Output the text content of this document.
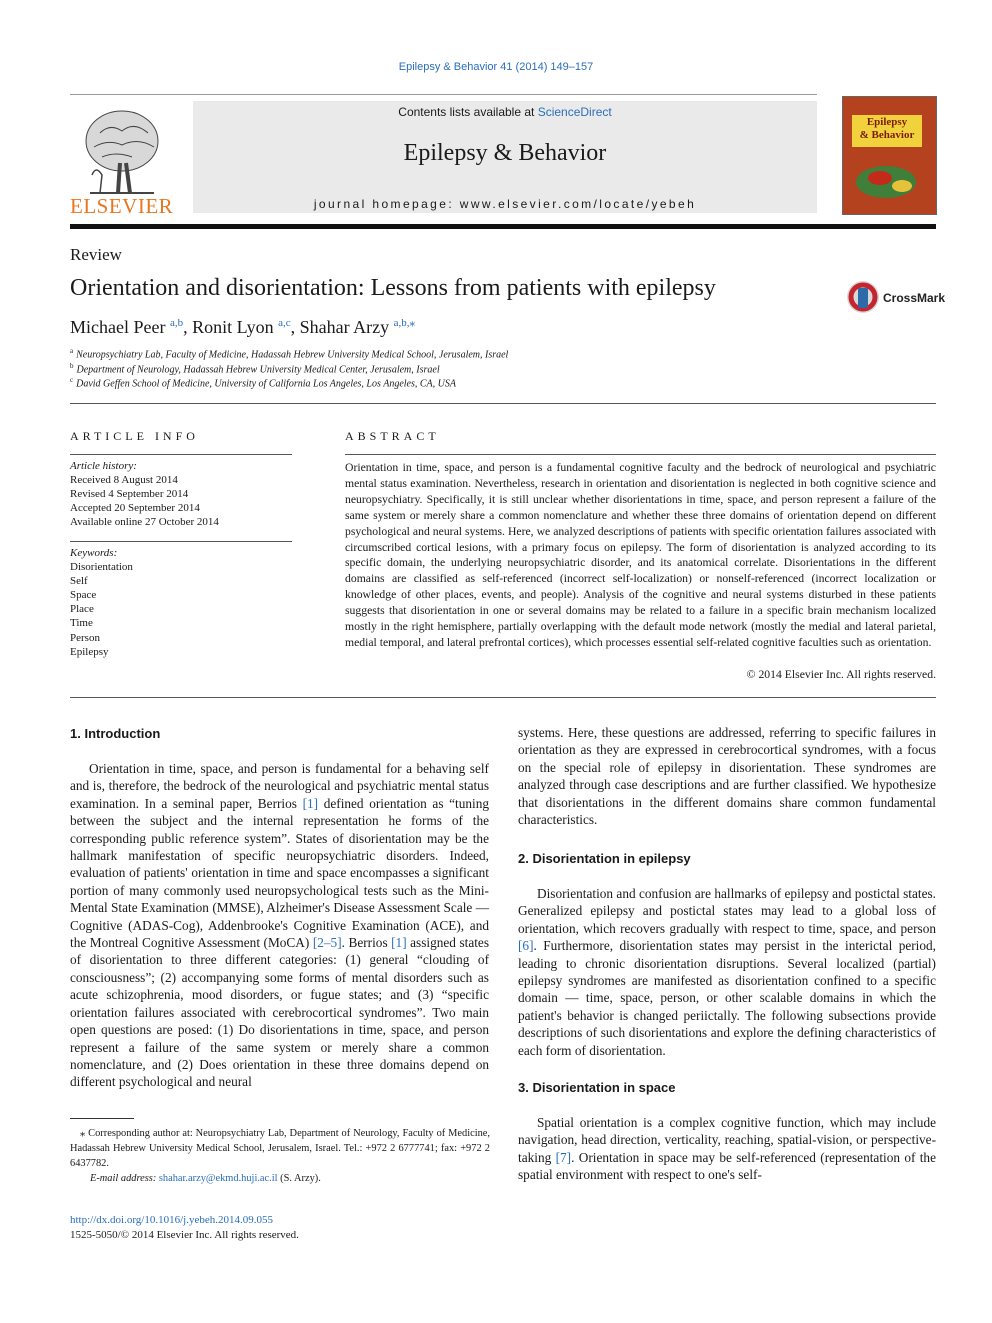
Epilepsy & Behavior 41 (2014) 149–157
Contents lists available at ScienceDirect
Epilepsy & Behavior
journal homepage: www.elsevier.com/locate/yebeh
ELSEVIER
Epilepsy
& Behavior
Review
Orientation and disorientation: Lessons from patients with epilepsy	CrossMark
Michael Peer $^{a,b}$, Ronit Lyon $^{a,c}$, Shahar Arzy $^{a,b,⁎}$
$^a$ Neuropsychiatry Lab, Faculty of Medicine, Hadassah Hebrew University Medical School, Jerusalem, Israel
$^b$ Department of Neurology, Hadassah Hebrew University Medical Center, Jerusalem, Israel
$^c$ David Geffen School of Medicine, University of California Los Angeles, Los Angeles, CA, USA
ARTICLE INFO
Article history:
Received 8 August 2014
Revised 4 September 2014
Accepted 20 September 2014
Available online 27 October 2014
Keywords:
Disorientation
Self
Space
Place
Time
Person
Epilepsy
ABSTRACT
Orientation in time, space, and person is a fundamental cognitive faculty and the bedrock of neurological and psychiatric mental status examination. Nevertheless, research in orientation and disorientation is neglected in both cognitive science and neuropsychiatry. Specifically, it is still unclear whether disorientations in time, space, and person represent a failure of the same system or merely share a common nomenclature and whether these three domains of orientation depend on different psychological and neural systems. Here, we analyzed descriptions of patients with specific orientation failures associated with circumscribed cortical lesions, with a primary focus on epilepsy. The form of disorientation is analyzed according to its specific domain, the underlying neuropsychiatric disorder, and its anatomical correlate. Disorientations in the different domains are classified as self-referenced (incorrect self-localization) or nonself-referenced (incorrect localization or knowledge of other places, events, and people). Analysis of the cognitive and neural systems disturbed in these patients suggests that disorientation in one or several domains may be related to a failure in a specific brain mechanism localized mostly in the right hemisphere, partially overlapping with the default mode network (mostly the medial and lateral parietal, medial temporal, and lateral prefrontal cortices), which processes essential self-related cognitive faculties such as orientation.
© 2014 Elsevier Inc. All rights reserved.
1. Introduction

Orientation in time, space, and person is fundamental for a behaving self and is, therefore, the bedrock of the neurological and psychiatric mental status examination. In a seminal paper, Berrios [1] defined orientation as “tuning between the subject and the internal representation he forms of the corresponding public reference system”. States of disorientation may be the hallmark manifestation of specific neuropsychiatric disorders. Indeed, evaluation of patients' orientation in time and space encompasses a significant portion of many commonly used neuropsychological tests such as the Mini-Mental State Examination (MMSE), Alzheimer's Disease Assessment Scale — Cognitive (ADAS-Cog), Addenbrooke's Cognitive Examination (ACE), and the Montreal Cognitive Assessment (MoCA) [2–5]. Berrios [1] assigned states of disorientation to three different categories: (1) general “clouding of consciousness”; (2) accompanying some forms of mental disorders such as acute schizophrenia, mood disorders, or fugue states; and (3) “specific orientation failures associated with cerebrocortical syndromes”. Two main open questions are posed: (1) Do disorientations in time, space, and person represent a failure of the same system or merely share a common nomenclature, and (2) Does orientation in these three domains depend on different psychological and neural

⁎ Corresponding author at: Neuropsychiatry Lab, Department of Neurology, Faculty of Medicine, Hadassah Hebrew University Medical School, Jerusalem, Israel. Tel.: +972 2 6777741; fax: +972 2 6437782.
E-mail address: shahar.arzy@ekmd.huji.ac.il (S. Arzy).
http://dx.doi.org/10.1016/j.yebeh.2014.09.055
1525-5050/© 2014 Elsevier Inc. All rights reserved.

systems. Here, these questions are addressed, referring to specific failures in orientation as they are expressed in cerebrocortical syndromes, with a focus on the special role of epilepsy in disorientation. These syndromes are analyzed through case descriptions and are further classified. We hypothesize that disorientations in the different domains share common fundamental characteristics.

2. Disorientation in epilepsy

Disorientation and confusion are hallmarks of epilepsy and postictal states. Generalized epilepsy and postictal states may lead to a global loss of orientation, which recovers gradually with respect to time, space, and person [6]. Furthermore, disorientation states may persist in the interictal period, leading to chronic disorientation disruptions. Several localized (partial) epilepsy syndromes are manifested as disorientation confined to a specific domain — time, space, person, or other scalable domains in which the patient's behavior is changed periictally. The following subsections provide descriptions of such disorientations and explore the defining characteristics of each form of disorientation.

3. Disorientation in space

Spatial orientation is a complex cognitive function, which may include navigation, head direction, verticality, reaching, spatial-vision, or perspective-taking [7]. Orientation in space may be self-referenced (representation of the spatial environment with respect to one's self-
